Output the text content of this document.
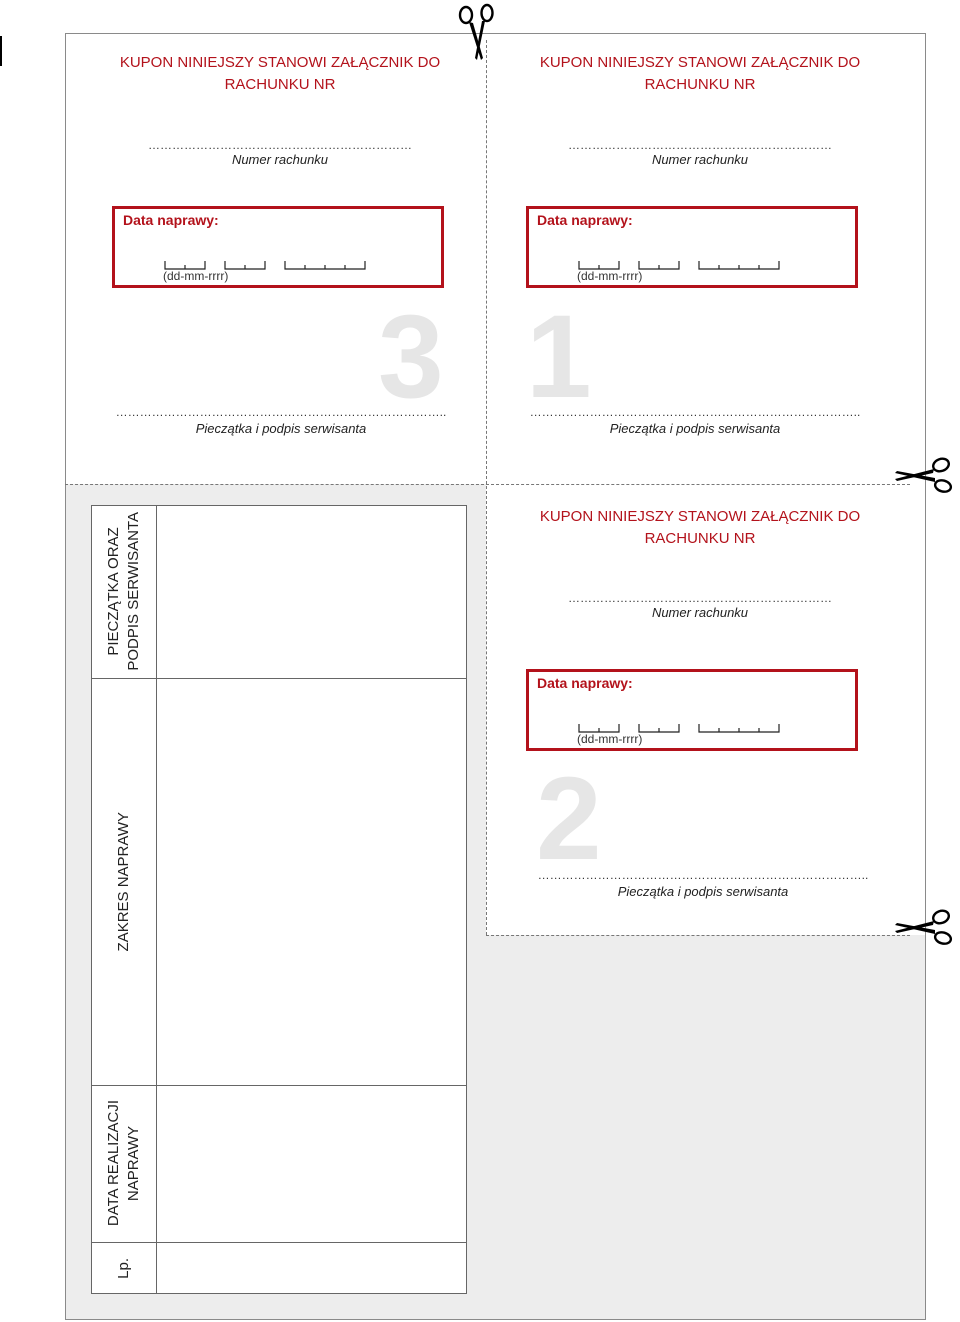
KUPON NINIEJSZY STANOWI ZAŁĄCZNIK DO
RACHUNKU NR
…………………………………………………………
Numer rachunku
Data naprawy:
(dd-mm-rrrr)
3
………………………………………………………………………..
Pieczątka i podpis serwisanta
KUPON NINIEJSZY STANOWI ZAŁĄCZNIK DO
RACHUNKU NR
…………………………………………………………
Numer rachunku
Data naprawy:
(dd-mm-rrrr)
1
………………………………………………………………………..
Pieczątka i podpis serwisanta
KUPON NINIEJSZY STANOWI ZAŁĄCZNIK DO
RACHUNKU NR
…………………………………………………………
Numer rachunku
Data naprawy:
(dd-mm-rrrr)
2
………………………………………………………………………..
Pieczątka i podpis serwisanta
PIECZĄTKA ORAZ PODPIS SERWISANTA
ZAKRES NAPRAWY
DATA REALIZACJI NAPRAWY
Lp.
